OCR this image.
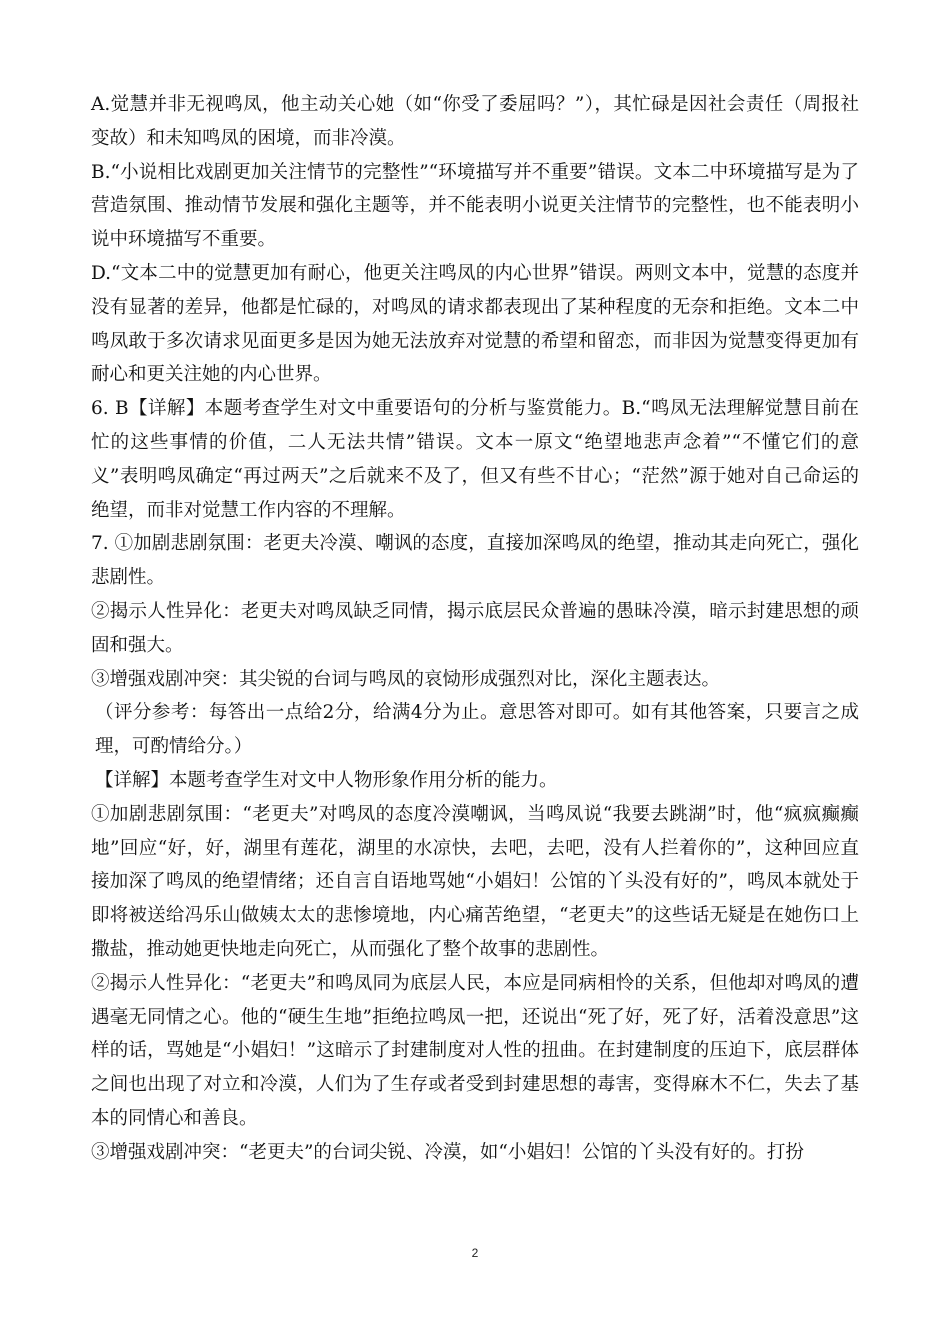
A.觉慧并非无视鸣凤，他主动关心她（如“你受了委屈吗？”），其忙碌是因社会责任（周报社变故）和未知鸣凤的困境，而非冷漠。

B.“小说相比戏剧更加关注情节的完整性”“环境描写并不重要”错误。文本二中环境描写是为了营造氛围、推动情节发展和强化主题等，并不能表明小说更关注情节的完整性，也不能表明小说中环境描写不重要。

D.“文本二中的觉慧更加有耐心，他更关注鸣凤的内心世界”错误。两则文本中，觉慧的态度并没有显著的差异，他都是忙碌的，对鸣凤的请求都表现出了某种程度的无奈和拒绝。文本二中鸣凤敢于多次请求见面更多是因为她无法放弃对觉慧的希望和留恋，而非因为觉慧变得更加有耐心和更关注她的内心世界。

6. B【详解】本题考查学生对文中重要语句的分析与鉴赏能力。B.“鸣凤无法理解觉慧目前在忙的这些事情的价值，二人无法共情”错误。文本一原文“绝望地悲声念着”“不懂它们的意义”表明鸣凤确定“再过两天”之后就来不及了，但又有些不甘心；“茫然”源于她对自己命运的绝望，而非对觉慧工作内容的不理解。

7. ①加剧悲剧氛围：老更夫冷漠、嘲讽的态度，直接加深鸣凤的绝望，推动其走向死亡，强化悲剧性。

②揭示人性异化：老更夫对鸣凤缺乏同情，揭示底层民众普遍的愚昧冷漠，暗示封建思想的顽固和强大。

③增强戏剧冲突：其尖锐的台词与鸣凤的哀恸形成强烈对比，深化主题表达。

（评分参考：每答出一点给2分，给满4分为止。意思答对即可。如有其他答案，只要言之成理，可酌情给分。）

【详解】本题考查学生对文中人物形象作用分析的能力。

①加剧悲剧氛围：“老更夫”对鸣凤的态度冷漠嘲讽，当鸣凤说“我要去跳湖”时，他“疯疯癫癫地”回应“好，好，湖里有莲花，湖里的水凉快，去吧，去吧，没有人拦着你的”，这种回应直接加深了鸣凤的绝望情绪；还自言自语地骂她“小娼妇！公馆的丫头没有好的”，鸣凤本就处于即将被送给冯乐山做姨太太的悲惨境地，内心痛苦绝望，“老更夫”的这些话无疑是在她伤口上撒盐，推动她更快地走向死亡，从而强化了整个故事的悲剧性。

②揭示人性异化：“老更夫”和鸣凤同为底层人民，本应是同病相怜的关系，但他却对鸣凤的遭遇毫无同情之心。他的“硬生生地”拒绝拉鸣凤一把，还说出“死了好，死了好，活着没意思”这样的话，骂她是“小娼妇！”这暗示了封建制度对人性的扭曲。在封建制度的压迫下，底层群体之间也出现了对立和冷漠，人们为了生存或者受到封建思想的毒害，变得麻木不仁，失去了基本的同情心和善良。

③增强戏剧冲突：“老更夫”的台词尖锐、冷漠，如“小娼妇！公馆的丫头没有好的。打扮

2
